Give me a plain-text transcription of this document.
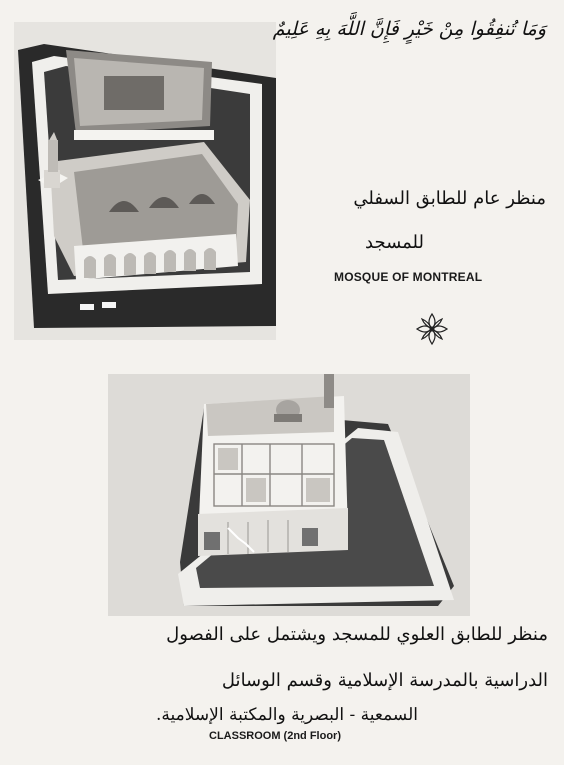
وَمَا تُنفِقُوا مِنْ خَيْرٍ فَإِنَّ اللَّهَ بِهِ عَلِيمٌ
منظر عام للطابق السفلي
للمسجد
MOSQUE OF MONTREAL
منظر للطابق العلوي للمسجد ويشتمل على الفصول
الدراسية بالمدرسة الإسلامية وقسم الوسائل
السمعية - البصرية والمكتبة الإسلامية.
CLASSROOM (2nd Floor)
